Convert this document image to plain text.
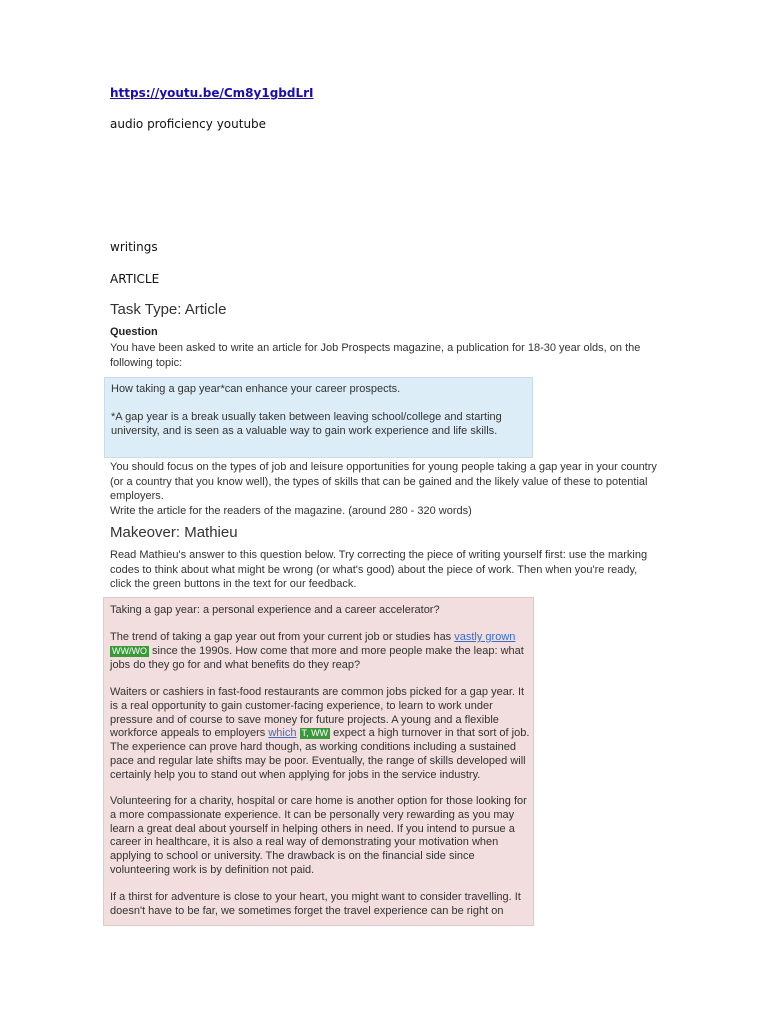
https://youtu.be/Cm8y1gbdLrI
audio proficiency youtube
writings
ARTICLE
Task Type: Article
Question
You have been asked to write an article for Job Prospects magazine, a publication for 18-30 year olds, on the following topic:

How taking a gap year*can enhance your career prospects.

*A gap year is a break usually taken between leaving school/college and starting university, and is seen as a valuable way to gain work experience and life skills.

You should focus on the types of job and leisure opportunities for young people taking a gap year in your country (or a country that you know well), the types of skills that can be gained and the likely value of these to potential employers.
Write the article for the readers of the magazine. (around 280 - 320 words)
Makeover: Mathieu
Read Mathieu's answer to this question below. Try correcting the piece of writing yourself first: use the marking codes to think about what might be wrong (or what's good) about the piece of work. Then when you're ready, click the green buttons in the text for our feedback.

Taking a gap year: a personal experience and a career accelerator?

The trend of taking a gap year out from your current job or studies has vastly grownWW/WO since the 1990s. How come that more and more people make the leap: what jobs do they go for and what benefits do they reap?

Waiters or cashiers in fast-food restaurants are common jobs picked for a gap year. It is a real opportunity to gain customer-facing experience, to learn to work under pressure and of course to save money for future projects. A young and a flexible workforce appeals to employers which T, WW expect a high turnover in that sort of job. The experience can prove hard though, as working conditions including a sustained pace and regular late shifts may be poor. Eventually, the range of skills developed will certainly help you to stand out when applying for jobs in the service industry.

Volunteering for a charity, hospital or care home is another option for those looking for a more compassionate experience. It can be personally very rewarding as you may learn a great deal about yourself in helping others in need. If you intend to pursue a career in healthcare, it is also a real way of demonstrating your motivation when applying to school or university. The drawback is on the financial side since volunteering work is by definition not paid.

If a thirst for adventure is close to your heart, you might want to consider travelling. It doesn't have to be far, we sometimes forget the travel experience can be right on
